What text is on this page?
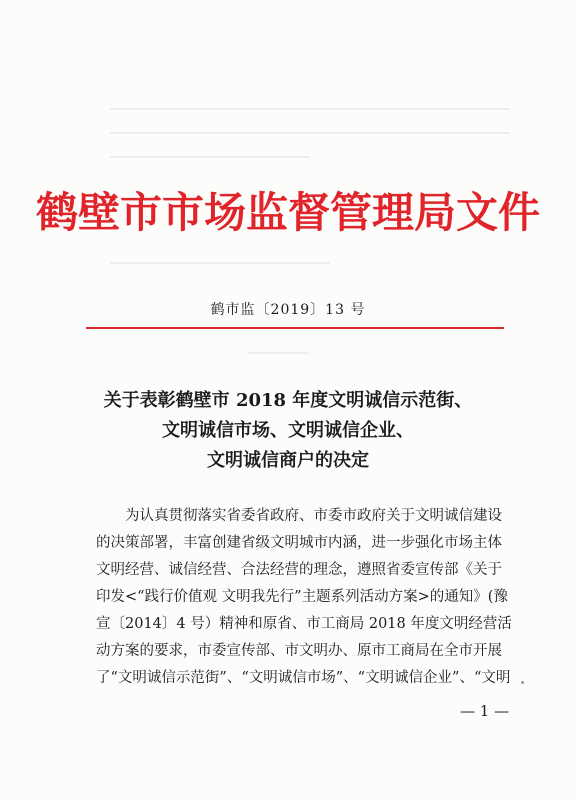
鹤壁市市场监督管理局文件
鹤市监〔2019〕13 号
关于表彰鹤壁市 2018 年度文明诚信示范街、
文明诚信市场、文明诚信企业、
文明诚信商户的决定
　　为认真贯彻落实省委省政府、市委市政府关于文明诚信建设
的决策部署，丰富创建省级文明城市内涵，进一步强化市场主体
文明经营、诚信经营、合法经营的理念，遵照省委宣传部《关于
印发<“践行价值观 文明我先行”主题系列活动方案>的通知》(豫
宣〔2014〕4 号）精神和原省、市工商局 2018 年度文明经营活
动方案的要求，市委宣传部、市文明办、原市工商局在全市开展
了“文明诚信示范街”、“文明诚信市场”、“文明诚信企业”、“文明
— 1 —
